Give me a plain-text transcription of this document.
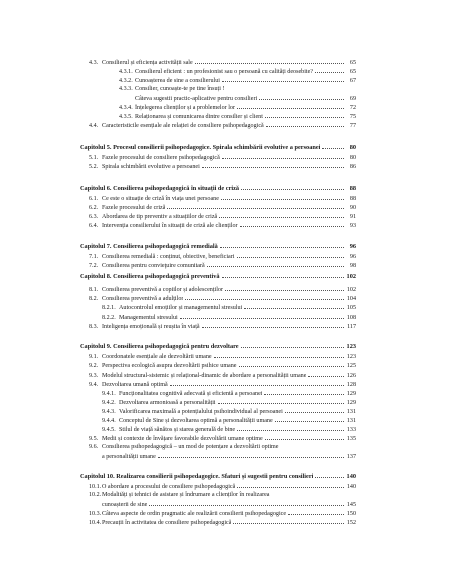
4.3. Consilierul și eficiența activității sale	65
4.3.1. Consilierul eficient : un profesionist sau o persoană cu calități deosebite?	65
4.3.2. Cunoașterea de sine a consilierului	67
4.3.3. Consilier, cunoaște-te pe tine însuți !
Câteva sugestii practic-aplicative pentru consilieri	69
4.3.4. Înțelegerea clienților și a problemelor lor	72
4.3.5. Relaționarea și comunicarea dintre consilier și client	75
4.4. Caracteristicile esențiale ale relației de consiliere psihopedagogică	77
Capitolul 5. Procesul consilierii psihopedagogice. Spirala schimbării evolutive a persoanei	80
5.1. Fazele procesului de consiliere psihopedagogică	80
5.2. Spirala schimbării evolutive a persoanei	86
Capitolul 6. Consilierea psihopedagogică în situații de criză	88
6.1. Ce este o situație de criză în viața unei persoane	88
6.2. Fazele procesului de criză	90
6.3. Abordarea de tip preventiv a situațiilor de criză	91
6.4. Intervenția consilierului în situații de criză ale clienților	93
Capitolul 7. Consilierea psihopedagogică remedială	96
7.1. Consilierea remedială : conținut, obiective, beneficiari	96
7.2. Consilierea pentru convieţuire comunitară	98
Capitolul 8. Consilierea psihopedagogică preventivă	102
8.1. Consilierea preventivă a copiilor și adolescenților	102
8.2. Consilierea preventivă a adulților	104
8.2.1. Autocontrolul emoțiilor și managementul stresului	105
8.2.2. Managementul stresului	108
8.3. Inteligența emoțională și reușita în viață	117
Capitolul 9. Consilierea psihopedagogică pentru dezvoltare	123
9.1. Coordonatele esențiale ale dezvoltării umane	123
9.2. Perspectiva ecologică asupra dezvoltării psihice umane	125
9.3. Modelul structural-sistemic și relațional-dinamic de abordare a personalității umane	126
9.4. Dezvoltarea umană optimă	128
9.4.1. Funcționalitatea cognitivă adecvată și eficientă a persoanei	129
9.4.2. Dezvoltarea armonioasă a personalității	129
9.4.3. Valorificarea maximală a potențialului psihoindividual al persoanei	131
9.4.4. Conceptul de Sine și dezvoltarea optimă a personalității umane	131
9.4.5. Stilul de viață sănătos și starea generală de bine	133
9.5. Medii și contexte de învățare favorabile dezvoltării umane optime	135
9.6. Consilierea psihopedagogică – un mod de potențare a dezvoltării optime
a personalității umane	137
Capitolul 10. Realizarea consilierii psihopedagogice. Sfaturi și sugestii pentru consilieri	140
10.1. O abordare a procesului de consiliere psihopedagogică	140
10.2. Modalități și tehnici de asistare și îndrumare a clienților în realizarea
cunoașterii de sine	145
10.3. Câteva aspecte de ordin pragmatic ale realizării consilierii psihopedagogice	150
10.4. Precauții în activitatea de consiliere psihopedagogică	152
